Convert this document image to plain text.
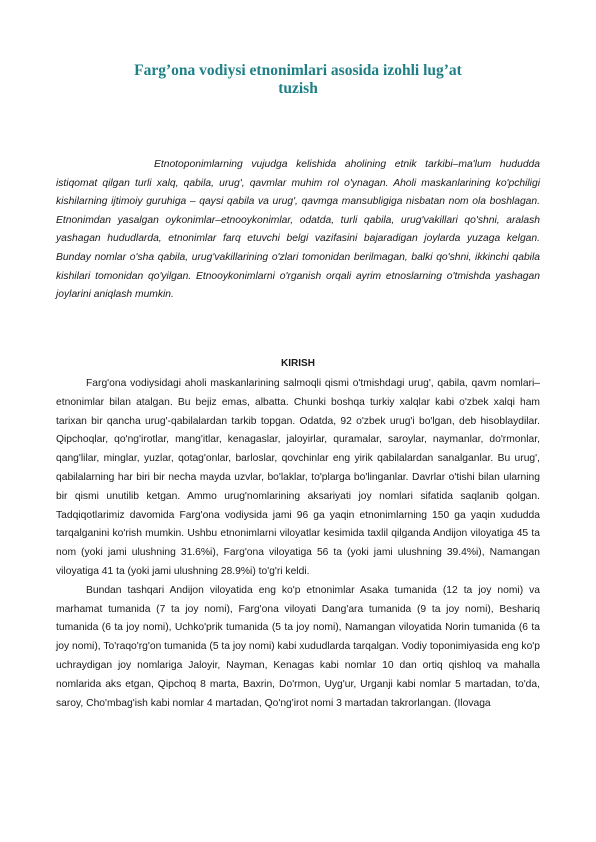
Farg’ona vodiysi etnonimlari asosida izohli lug’at
tuzish

Etnotoponimlarning vujudga kelishida aholining etnik tarkibi–ma'lum hududda istiqomat qilgan turli xalq, qabila, urug', qavmlar muhim rol o'ynagan. Aholi maskanlarining ko'pchiligi kishilarning ijtimoiy guruhiga – qaysi qabila va urug', qavmga mansubligiga nisbatan nom ola boshlagan. Etnonimdan yasalgan oykonimlar–etnooykonimlar, odatda, turli qabila, urug'vakillari qo'shni, aralash yashagan hududlarda, etnonimlar farq etuvchi belgi vazifasini bajaradigan joylarda yuzaga kelgan. Bunday nomlar o'sha qabila, urug'vakillarining o'zlari tomonidan berilmagan, balki qo'shni, ikkinchi qabila kishilari tomonidan qo'yilgan. Etnooykonimlarni o'rganish orqali ayrim etnoslarning o'tmishda yashagan joylarini aniqlash mumkin.

KIRISH

Farg'ona vodiysidagi aholi maskanlarining salmoqli qismi o'tmishdagi urug', qabila, qavm nomlari–etnonimlar bilan atalgan. Bu bejiz emas, albatta. Chunki boshqa turkiy xalqlar kabi o'zbek xalqi ham tarixan bir qancha urug'-qabilalardan tarkib topgan. Odatda, 92 o'zbek urug'i bo'lgan, deb hisoblaydilar. Qipchoqlar, qo'ng'irotlar, mang'itlar, kenagaslar, jaloyirlar, quramalar, saroylar, naymanlar, do'rmonlar, qang'lilar, minglar, yuzlar, qotag'onlar, barloslar, qovchinlar eng yirik qabilalardan sanalganlar. Bu urug', qabilalarning har biri bir necha mayda uzvlar, bo'laklar, to'plarga bo'linganlar. Davrlar o'tishi bilan ularning bir qismi unutilib ketgan. Ammo urug'nomlarining aksariyati joy nomlari sifatida saqlanib qolgan. Tadqiqotlarimiz davomida Farg'ona vodiysida jami 96 ga yaqin etnonimlarning 150 ga yaqin xududda tarqalganini ko'rish mumkin. Ushbu etnonimlarni viloyatlar kesimida taxlil qilganda Andijon viloyatiga 45 ta nom (yoki jami ulushning 31.6%i), Farg'ona viloyatiga 56 ta (yoki jami ulushning 39.4%i), Namangan viloyatiga 41 ta (yoki jami ulushning 28.9%i) to'g'ri keldi.

Bundan tashqari Andijon viloyatida eng ko'p etnonimlar Asaka tumanida (12 ta joy nomi) va marhamat tumanida (7 ta joy nomi), Farg'ona viloyati Dang'ara tumanida (9 ta joy nomi), Beshariq tumanida (6 ta joy nomi), Uchko'prik tumanida (5 ta joy nomi), Namangan viloyatida Norin tumanida (6 ta joy nomi), To'raqo'rg'on tumanida (5 ta joy nomi) kabi xududlarda tarqalgan. Vodiy toponimiyasida eng ko'p uchraydigan joy nomlariga Jaloyir, Nayman, Kenagas kabi nomlar 10 dan ortiq qishloq va mahalla nomlarida aks etgan, Qipchoq 8 marta, Baxrin, Do'rmon, Uyg'ur, Urganji kabi nomlar 5 martadan, to'da, saroy, Cho'mbag'ish kabi nomlar 4 martadan, Qo'ng'irot nomi 3 martadan takrorlangan. (Ilovaga
